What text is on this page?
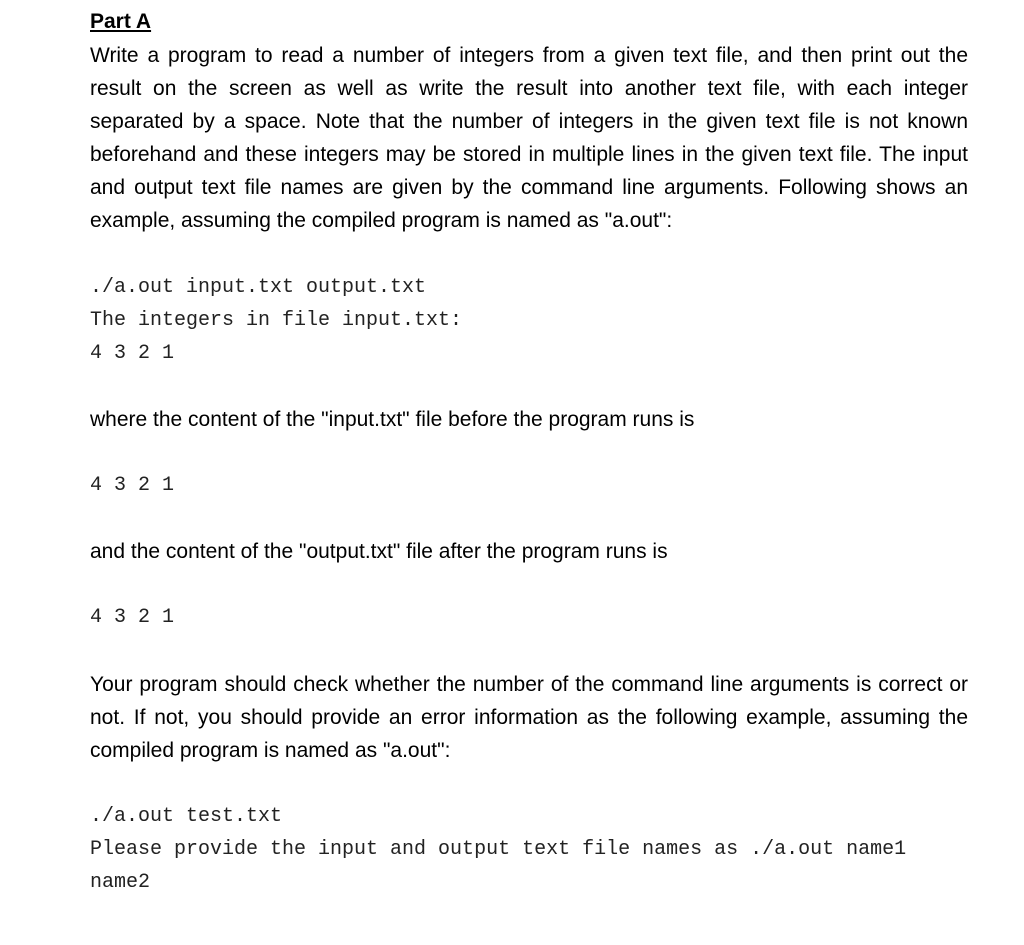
Part A

Write a program to read a number of integers from a given text file, and then print out the result on the screen as well as write the result into another text file, with each integer separated by a space. Note that the number of integers in the given text file is not known beforehand and these integers may be stored in multiple lines in the given text file. The input and output text file names are given by the command line arguments. Following shows an example, assuming the compiled program is named as "a.out":

./a.out input.txt output.txt

The integers in file input.txt:

4 3 2 1

where the content of the "input.txt" file before the program runs is

4 3 2 1

and the content of the "output.txt" file after the program runs is

4 3 2 1

Your program should check whether the number of the command line arguments is correct or not. If not, you should provide an error information as the following example, assuming the compiled program is named as "a.out":

./a.out test.txt

Please provide the input and output text file names as ./a.out name1 name2
